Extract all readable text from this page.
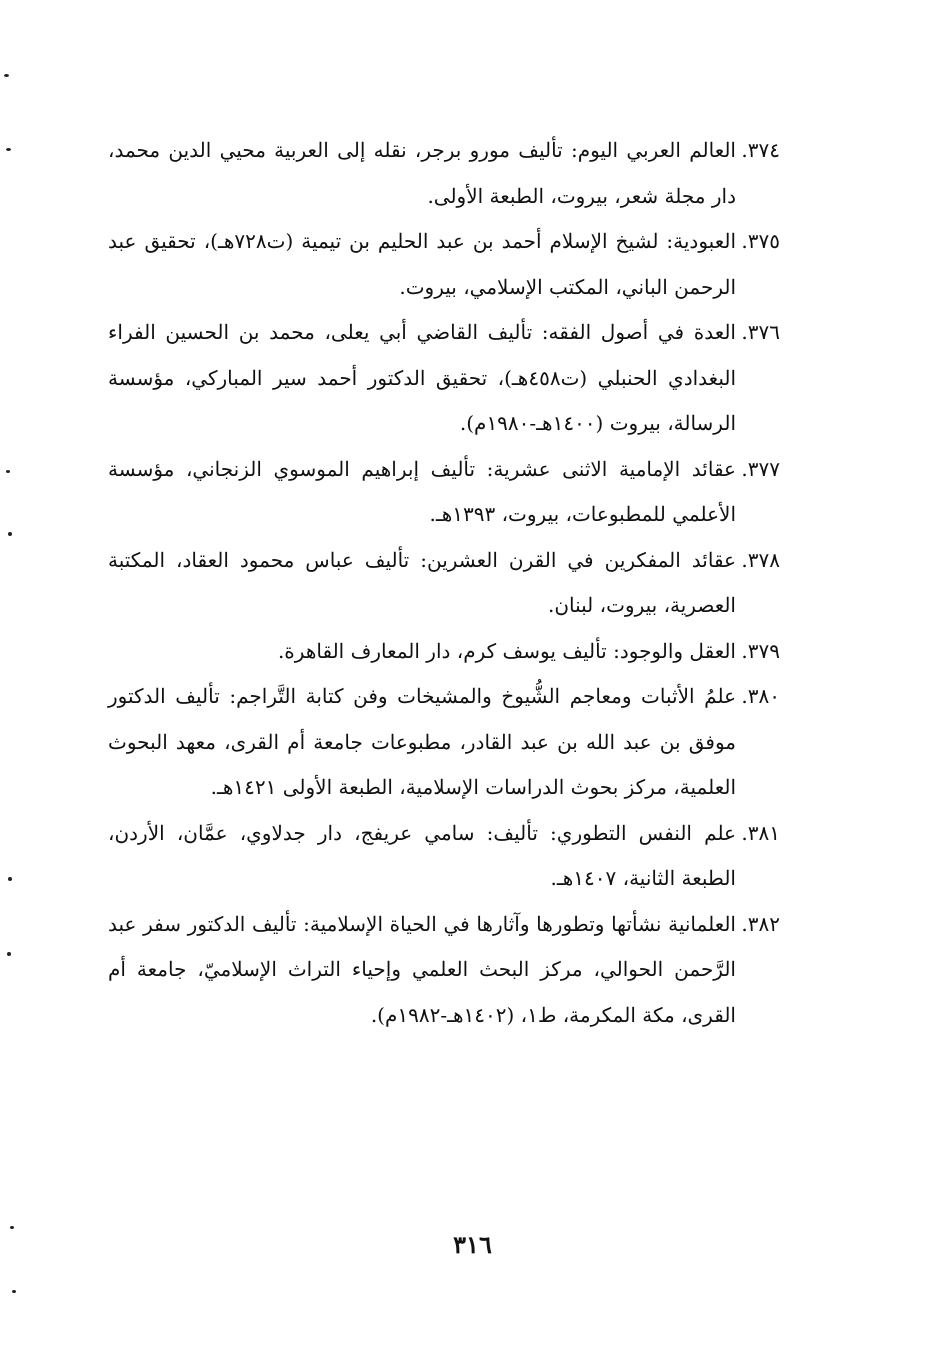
٣٧٤.
العالم العربي اليوم: تأليف مورو برجر، نقله إلى العربية محيي الدين محمد، دار مجلة شعر، بيروت، الطبعة الأولى.

٣٧٥.
العبودية: لشيخ الإسلام أحمد بن عبد الحليم بن تيمية (ت٧٢٨هـ)، تحقيق عبد الرحمن الباني، المكتب الإسلامي، بيروت.

٣٧٦.
العدة في أصول الفقه: تأليف القاضي أبي يعلى، محمد بن الحسين الفراء البغدادي الحنبلي (ت٤٥٨هـ)، تحقيق الدكتور أحمد سير المباركي، مؤسسة الرسالة، بيروت (١٤٠٠هـ-١٩٨٠م).

٣٧٧.
عقائد الإمامية الاثنى عشرية: تأليف إبراهيم الموسوي الزنجاني، مؤسسة الأعلمي للمطبوعات، بيروت، ١٣٩٣هـ.

٣٧٨.
عقائد المفكرين في القرن العشرين: تأليف عباس محمود العقاد، المكتبة العصرية، بيروت، لبنان.

٣٧٩.
العقل والوجود: تأليف يوسف كرم، دار المعارف القاهرة.

٣٨٠.
علمُ الأثبات ومعاجم الشُّيوخ والمشيخات وفن كتابة التَّراجم: تأليف الدكتور موفق بن عبد الله بن عبد القادر، مطبوعات جامعة أم القرى، معهد البحوث العلمية، مركز بحوث الدراسات الإسلامية، الطبعة الأولى ١٤٢١هـ.

٣٨١.
علم النفس التطوري: تأليف: سامي عريفج، دار جدلاوي، عمَّان، الأردن، الطبعة الثانية، ١٤٠٧هـ.

٣٨٢.
العلمانية نشأتها وتطورها وآثارها في الحياة الإسلامية: تأليف الدكتور سفر عبد الرَّحمن الحوالي، مركز البحث العلمي وإحياء التراث الإسلاميّ، جامعة أم القرى، مكة المكرمة، ط١، (١٤٠٢هـ-١٩٨٢م).

٣١٦
